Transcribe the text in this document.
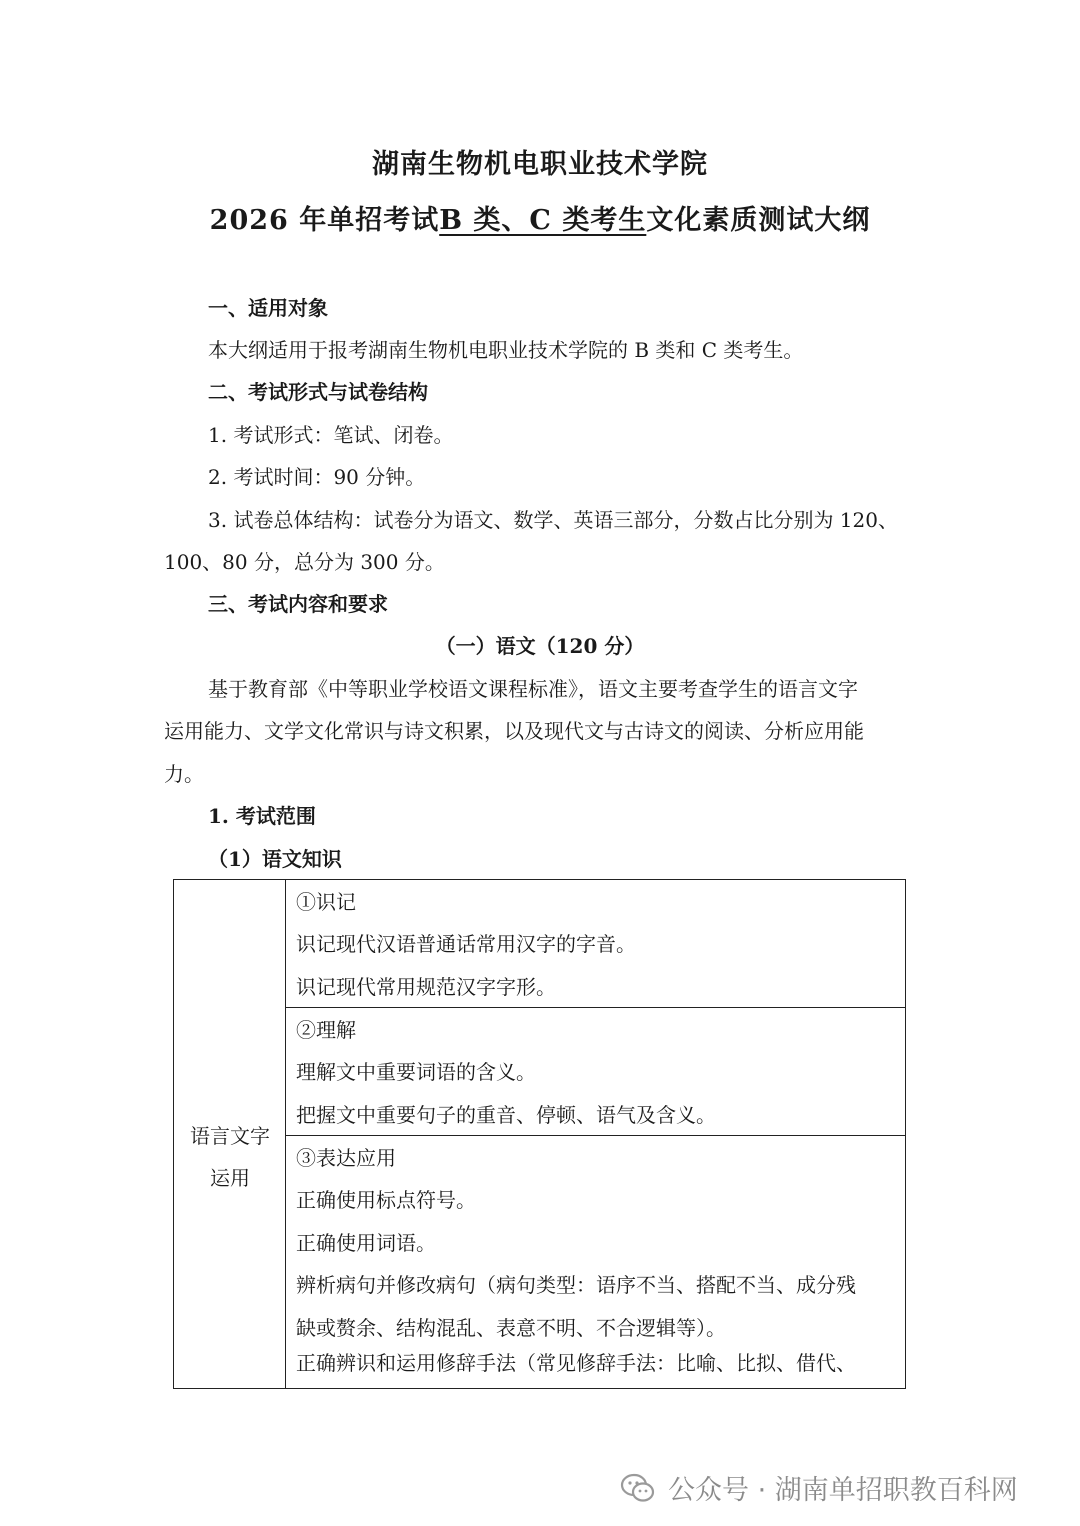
湖南生物机电职业技术学院
2026 年单招考试B 类、C 类考生文化素质测试大纲
一、适用对象
本大纲适用于报考湖南生物机电职业技术学院的 B 类和 C 类考生。
二、考试形式与试卷结构
1. 考试形式：笔试、闭卷。
2. 考试时间：90 分钟。
3. 试卷总体结构：试卷分为语文、数学、英语三部分，分数占比分别为 120、
100、80 分，总分为 300 分。
三、考试内容和要求
（一）语文（120 分）
基于教育部《中等职业学校语文课程标准》，语文主要考查学生的语言文字
运用能力、文学文化常识与诗文积累，以及现代文与古诗文的阅读、分析应用能
力。
1. 考试范围
（1）语文知识
语言文字
运用
①识记
识记现代汉语普通话常用汉字的字音。
识记现代常用规范汉字字形。
②理解
理解文中重要词语的含义。
把握文中重要句子的重音、停顿、语气及含义。
③表达应用
正确使用标点符号。
正确使用词语。
辨析病句并修改病句（病句类型：语序不当、搭配不当、成分残
缺或赘余、结构混乱、表意不明、不合逻辑等）。
正确辨识和运用修辞手法（常见修辞手法：比喻、比拟、借代、
公众号 · 湖南单招职教百科网
